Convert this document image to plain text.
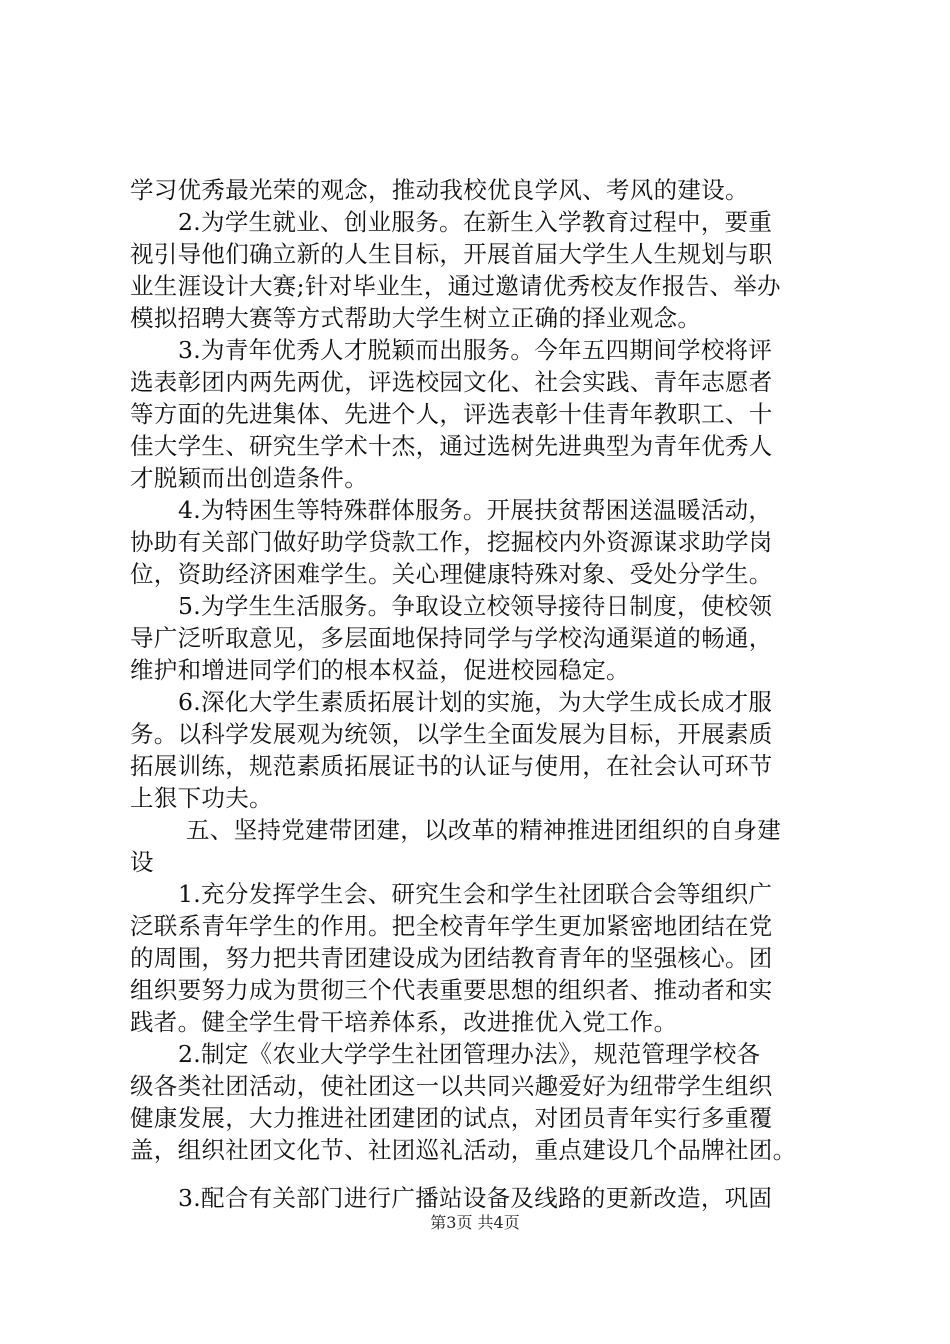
学习优秀最光荣的观念，推动我校优良学风、考风的建设。
2.为学生就业、创业服务。在新生入学教育过程中，要重
视引导他们确立新的人生目标，开展首届大学生人生规划与职
业生涯设计大赛;针对毕业生，通过邀请优秀校友作报告、举办
模拟招聘大赛等方式帮助大学生树立正确的择业观念。
3.为青年优秀人才脱颖而出服务。今年五四期间学校将评
选表彰团内两先两优，评选校园文化、社会实践、青年志愿者
等方面的先进集体、先进个人，评选表彰十佳青年教职工、十
佳大学生、研究生学术十杰，通过选树先进典型为青年优秀人
才脱颖而出创造条件。
4.为特困生等特殊群体服务。开展扶贫帮困送温暖活动，
协助有关部门做好助学贷款工作，挖掘校内外资源谋求助学岗
位，资助经济困难学生。关心理健康特殊对象、受处分学生。
5.为学生生活服务。争取设立校领导接待日制度，使校领
导广泛听取意见，多层面地保持同学与学校沟通渠道的畅通，
维护和增进同学们的根本权益，促进校园稳定。
6.深化大学生素质拓展计划的实施，为大学生成长成才服
务。以科学发展观为统领，以学生全面发展为目标，开展素质
拓展训练，规范素质拓展证书的认证与使用，在社会认可环节
上狠下功夫。
五、坚持党建带团建，以改革的精神推进团组织的自身建
设
1.充分发挥学生会、研究生会和学生社团联合会等组织广
泛联系青年学生的作用。把全校青年学生更加紧密地团结在党
的周围，努力把共青团建设成为团结教育青年的坚强核心。团
组织要努力成为贯彻三个代表重要思想的组织者、推动者和实
践者。健全学生骨干培养体系，改进推优入党工作。
2.制定《农业大学学生社团管理办法》，规范管理学校各
级各类社团活动，使社团这一以共同兴趣爱好为纽带学生组织
健康发展，大力推进社团建团的试点，对团员青年实行多重覆
盖，组织社团文化节、社团巡礼活动，重点建设几个品牌社团。
3.配合有关部门进行广播站设备及线路的更新改造，巩固
第3页 共4页
